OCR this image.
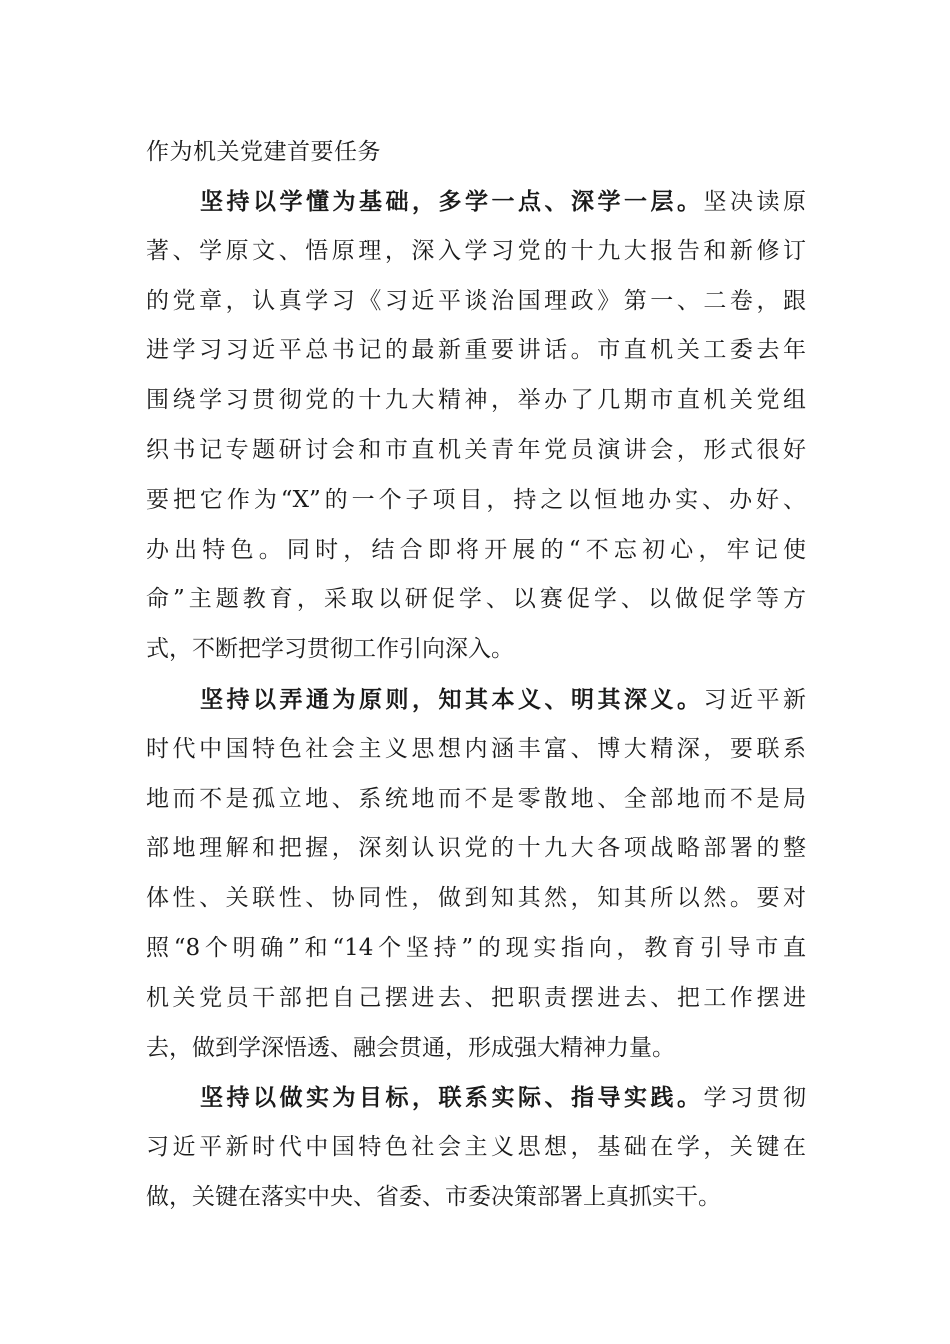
作为机关党建首要任务
坚持以学懂为基础，多学一点、深学一层。坚决读原
著、学原文、悟原理，深入学习党的十九大报告和新修订
的党章，认真学习《习近平谈治国理政》第一、二卷，跟
进学习习近平总书记的最新重要讲话。市直机关工委去年
围绕学习贯彻党的十九大精神，举办了几期市直机关党组
织书记专题研讨会和市直机关青年党员演讲会，形式很好
要把它作为“X”的一个子项目，持之以恒地办实、办好、
办出特色。同时，结合即将开展的“不忘初心，牢记使
命”主题教育，采取以研促学、以赛促学、以做促学等方
式，不断把学习贯彻工作引向深入。
坚持以弄通为原则，知其本义、明其深义。习近平新
时代中国特色社会主义思想内涵丰富、博大精深，要联系
地而不是孤立地、系统地而不是零散地、全部地而不是局
部地理解和把握，深刻认识党的十九大各项战略部署的整
体性、关联性、协同性，做到知其然，知其所以然。要对
照“8个明确”和“14个坚持”的现实指向，教育引导市直
机关党员干部把自己摆进去、把职责摆进去、把工作摆进
去，做到学深悟透、融会贯通，形成强大精神力量。
坚持以做实为目标，联系实际、指导实践。学习贯彻
习近平新时代中国特色社会主义思想，基础在学，关键在
做，关键在落实中央、省委、市委决策部署上真抓实干。
